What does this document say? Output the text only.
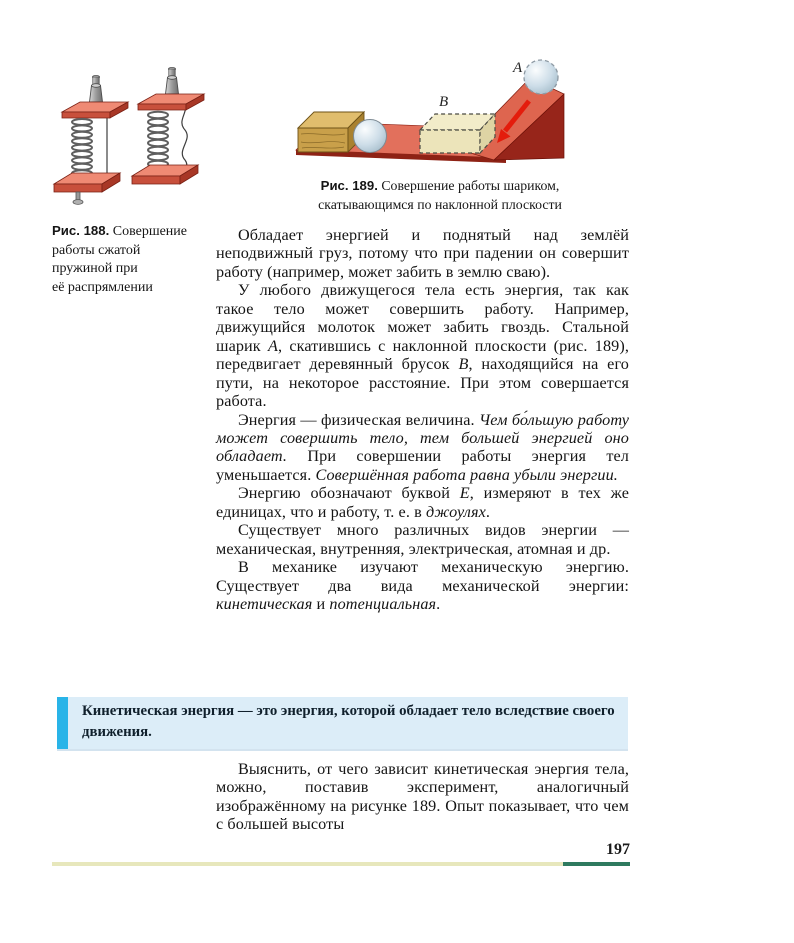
Рис. 188. Совершение
работы сжатой
пружиной при
её распрямлении
А
В
Рис. 189. Совершение работы шариком,
скатывающимся по наклонной плоскости

Обладает энергией и поднятый над землёй неподвижный груз, потому что при падении он совершит работу (например, может забить в землю сваю).

У любого движущегося тела есть энергия, так как такое тело может совершить работу. Например, движущийся молоток может забить гвоздь. Стальной шарик А, скатившись с наклонной плоскости (рис. 189), передвигает деревянный брусок В, находящийся на его пути, на некоторое расстояние. При этом совершается работа.

Энергия — физическая величина. Чем бо́льшую работу может совершить тело, тем большей энергией оно обладает. При совершении работы энергия тел уменьшается. Совершённая работа равна убыли энергии.

Энергию обозначают буквой Е, измеряют в тех же единицах, что и работу, т. е. в джоулях.

Существует много различных видов энергии — механическая, внутренняя, электрическая, атомная и др.

В механике изучают механическую энергию. Существует два вида механической энергии: кинетическая и потенциальная.

Кинетическая энергия — это энергия, которой обладает тело вследствие своего движения.

Выяснить, от чего зависит кинетическая энергия тела, можно, поставив эксперимент, аналогичный изображённому на рисунке 189. Опыт показывает, что чем с большей высоты

197
